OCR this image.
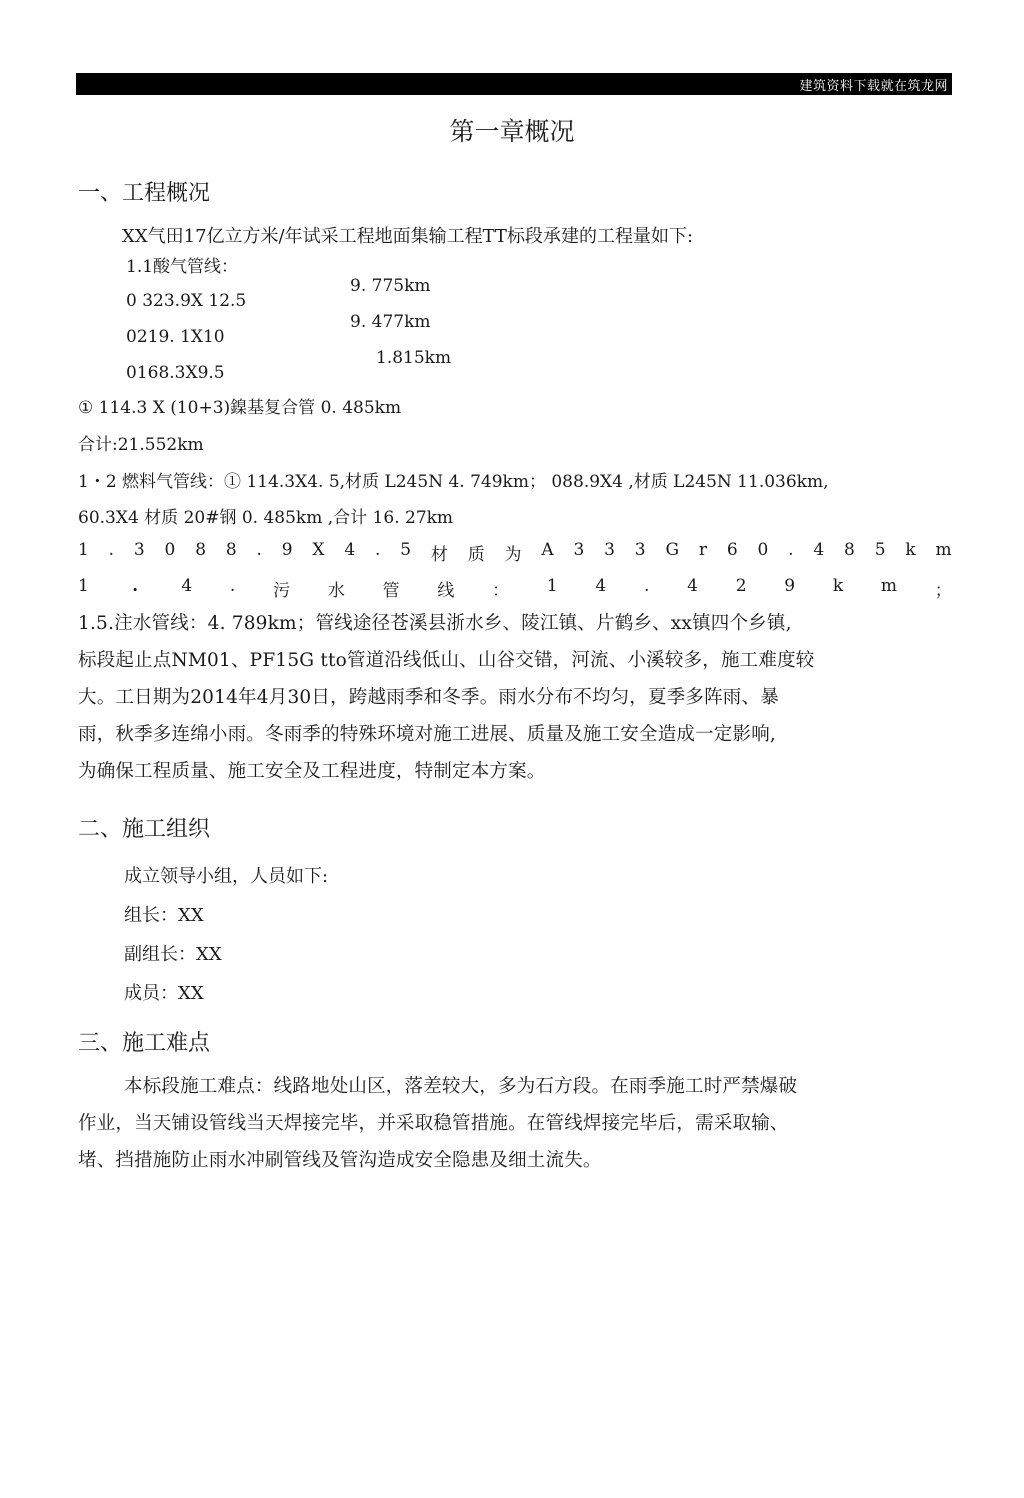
建筑资料下载就在筑龙网
第一章概况
一、工程概况
XX气田17亿立方米/年试采工程地面集输工程TT标段承建的工程量如下:
1.1酸气管线：
0 323.9X 12.5
9. 775km
0219. 1X10
9. 477km
0168.3X9.5
1.815km
① 114.3 X (10+3)鎳基复合管 0. 485km
合计:21.552km
1・2 燃料气管线：① 114.3X4. 5,材质 L245N 4. 749km； 088.9X4 ,材质 L245N 11.036km,
60.3X4 材质 20#钢 0. 485km ,合计 16. 27km
1 . 3 0 8 8 . 9 X 4 . 5 材 质 为 A 3 3 3 G r 6 0 . 4 8 5 k m
1 ・ 4 . 污 水 管 线 ： 1 4 . 4 2 9 k m ；
1.5.注水管线：4. 789km；管线途径苍溪县浙水乡、陵江镇、片鹤乡、xx镇四个乡镇,
标段起止点NM01、PF15G tto管道沿线低山、山谷交错，河流、小溪较多，施工难度较
大。工日期为2014年4月30日，跨越雨季和冬季。雨水分布不均匀，夏季多阵雨、暴
雨，秋季多连绵小雨。冬雨季的特殊环境对施工进展、质量及施工安全造成一定影响,
为确保工程质量、施工安全及工程进度，特制定本方案。
二、施工组织
成立领导小组，人员如下:
组长：XX
副组长：XX
成员：XX
三、施工难点
本标段施工难点：线路地处山区，落差较大，多为石方段。在雨季施工时严禁爆破
作业，当天铺设管线当天焊接完毕，并采取稳管措施。在管线焊接完毕后，需采取输、
堵、挡措施防止雨水冲刷管线及管沟造成安全隐患及细土流失。
